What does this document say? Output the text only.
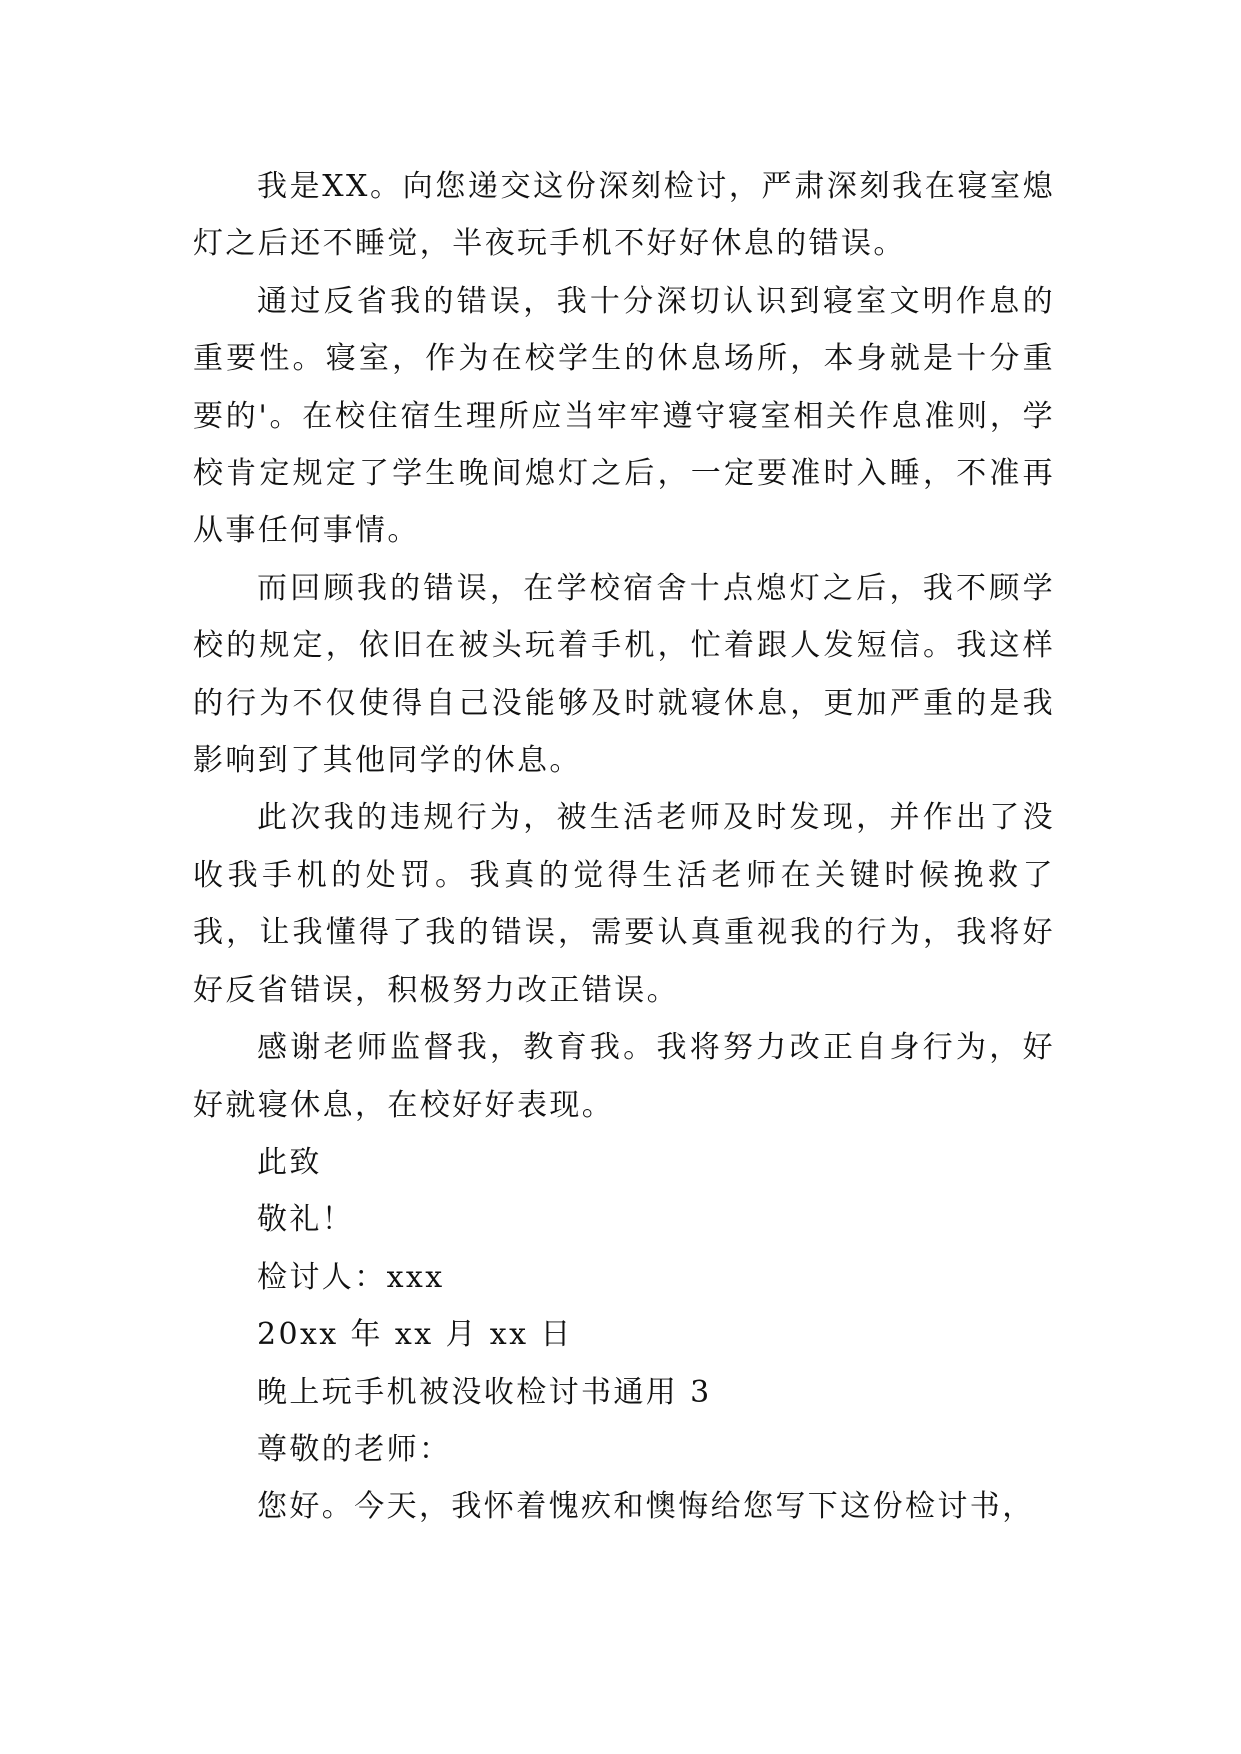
我是XX。向您递交这份深刻检讨，严肃深刻我在寝室熄灯之后还不睡觉，半夜玩手机不好好休息的错误。

通过反省我的错误，我十分深切认识到寝室文明作息的重要性。寝室，作为在校学生的休息场所，本身就是十分重要的'。在校住宿生理所应当牢牢遵守寝室相关作息准则，学校肯定规定了学生晚间熄灯之后，一定要准时入睡，不准再从事任何事情。

而回顾我的错误，在学校宿舍十点熄灯之后，我不顾学校的规定，依旧在被头玩着手机，忙着跟人发短信。我这样的行为不仅使得自己没能够及时就寝休息，更加严重的是我影响到了其他同学的休息。

此次我的违规行为，被生活老师及时发现，并作出了没收我手机的处罚。我真的觉得生活老师在关键时候挽救了我，让我懂得了我的错误，需要认真重视我的行为，我将好好反省错误，积极努力改正错误。

感谢老师监督我，教育我。我将努力改正自身行为，好好就寝休息，在校好好表现。

此致

敬礼！

检讨人：xxx

20xx 年 xx 月 xx 日

晚上玩手机被没收检讨书通用 3

尊敬的老师：

您好。今天，我怀着愧疚和懊悔给您写下这份检讨书，
